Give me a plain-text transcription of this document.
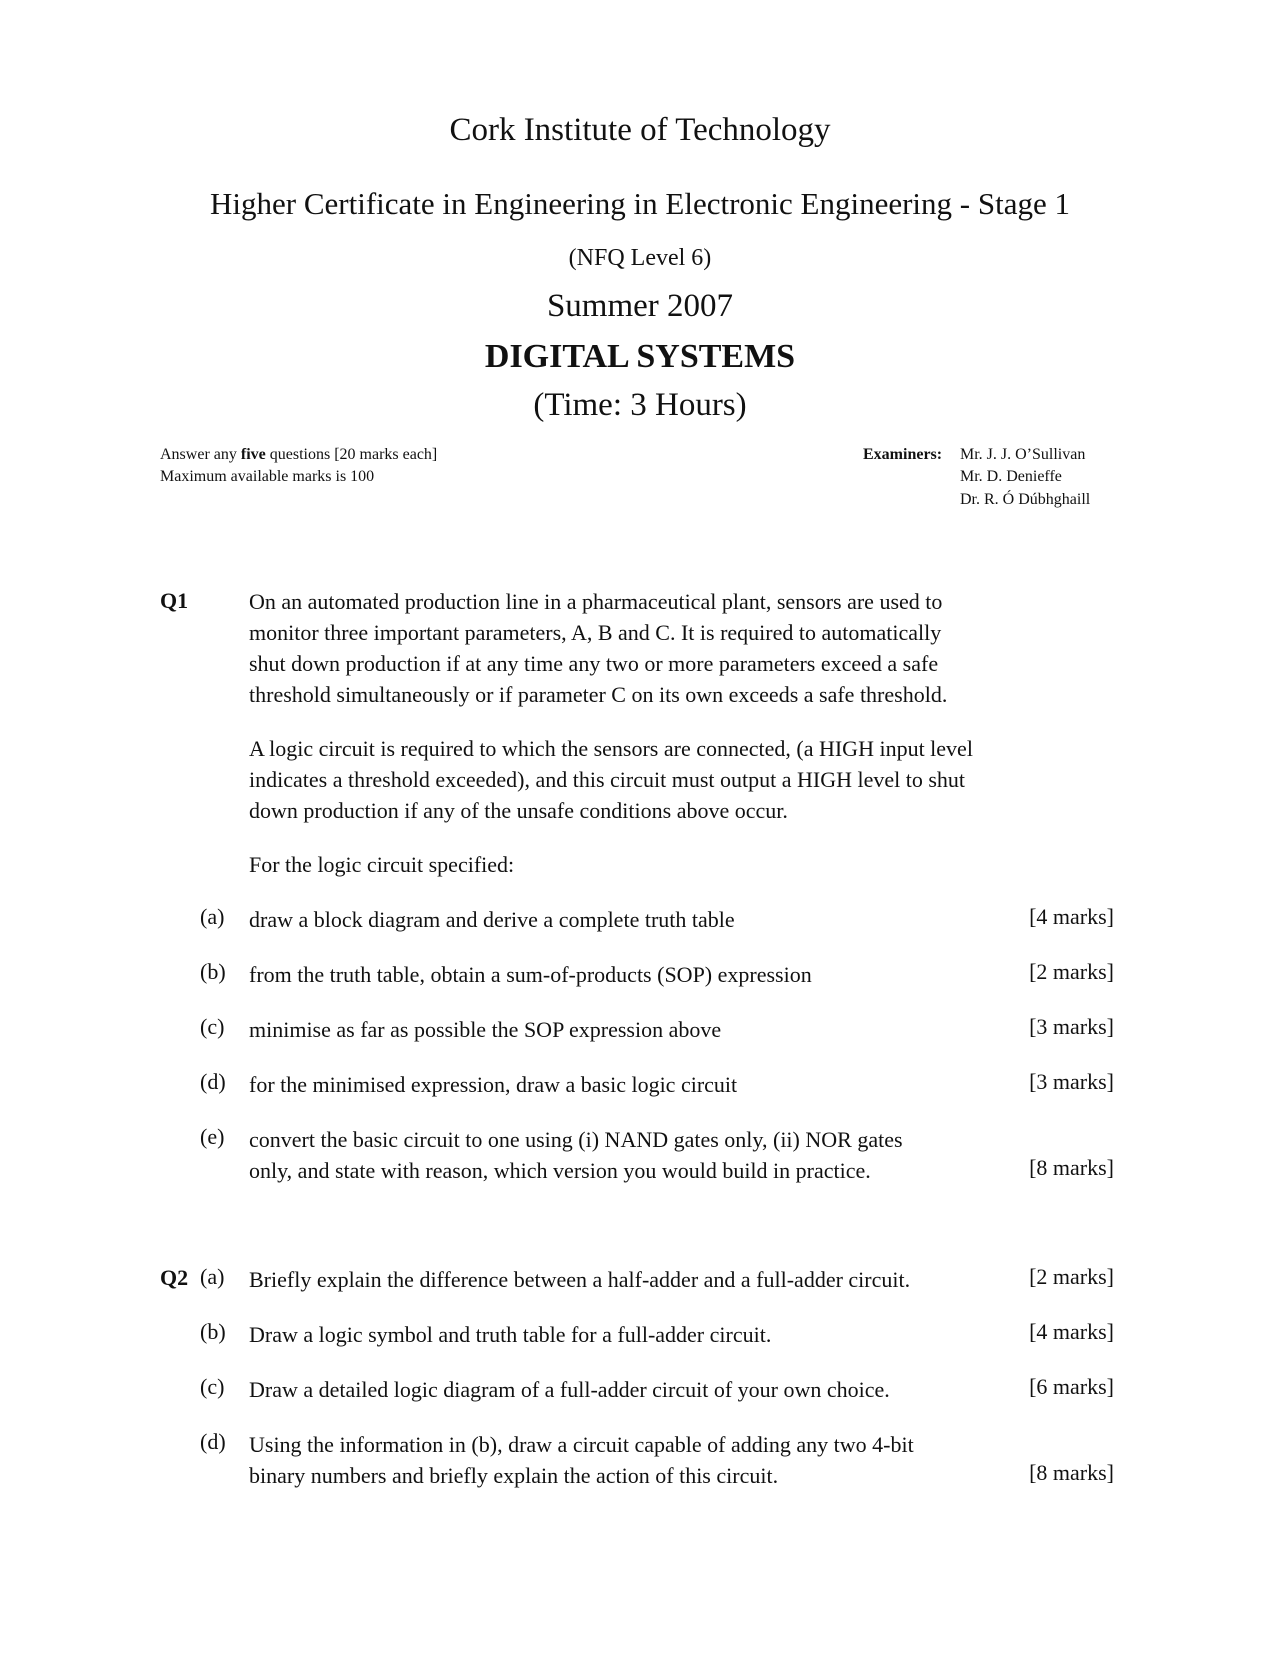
Cork Institute of Technology
Higher Certificate in Engineering in Electronic Engineering - Stage 1
(NFQ Level 6)
Summer 2007
DIGITAL SYSTEMS
(Time: 3 Hours)
Answer any five questions [20 marks each]
Maximum available marks is 100
Examiners: Mr. J. J. O’Sullivan
Mr. D. Denieffe
Dr. R. Ó Dúbhghaill
Q1	On an automated production line in a pharmaceutical plant, sensors are used to
monitor three important parameters, A, B and C. It is required to automatically
shut down production if at any time any two or more parameters exceed a safe
threshold simultaneously or if parameter C on its own exceeds a safe threshold.
A logic circuit is required to which the sensors are connected, (a HIGH input level
indicates a threshold exceeded), and this circuit must output a HIGH level to shut
down production if any of the unsafe conditions above occur.
For the logic circuit specified:
(a) draw a block diagram and derive a complete truth table	[4 marks]
(b) from the truth table, obtain a sum-of-products (SOP) expression	[2 marks]
(c) minimise as far as possible the SOP expression above	[3 marks]
(d) for the minimised expression, draw a basic logic circuit	[3 marks]
(e) convert the basic circuit to one using (i) NAND gates only, (ii) NOR gates
only, and state with reason, which version you would build in practice.	[8 marks]
Q2 (a) Briefly explain the difference between a half-adder and a full-adder circuit.	[2 marks]
(b) Draw a logic symbol and truth table for a full-adder circuit.	[4 marks]
(c) Draw a detailed logic diagram of a full-adder circuit of your own choice.	[6 marks]
(d) Using the information in (b), draw a circuit capable of adding any two 4-bit
binary numbers and briefly explain the action of this circuit.	[8 marks]
